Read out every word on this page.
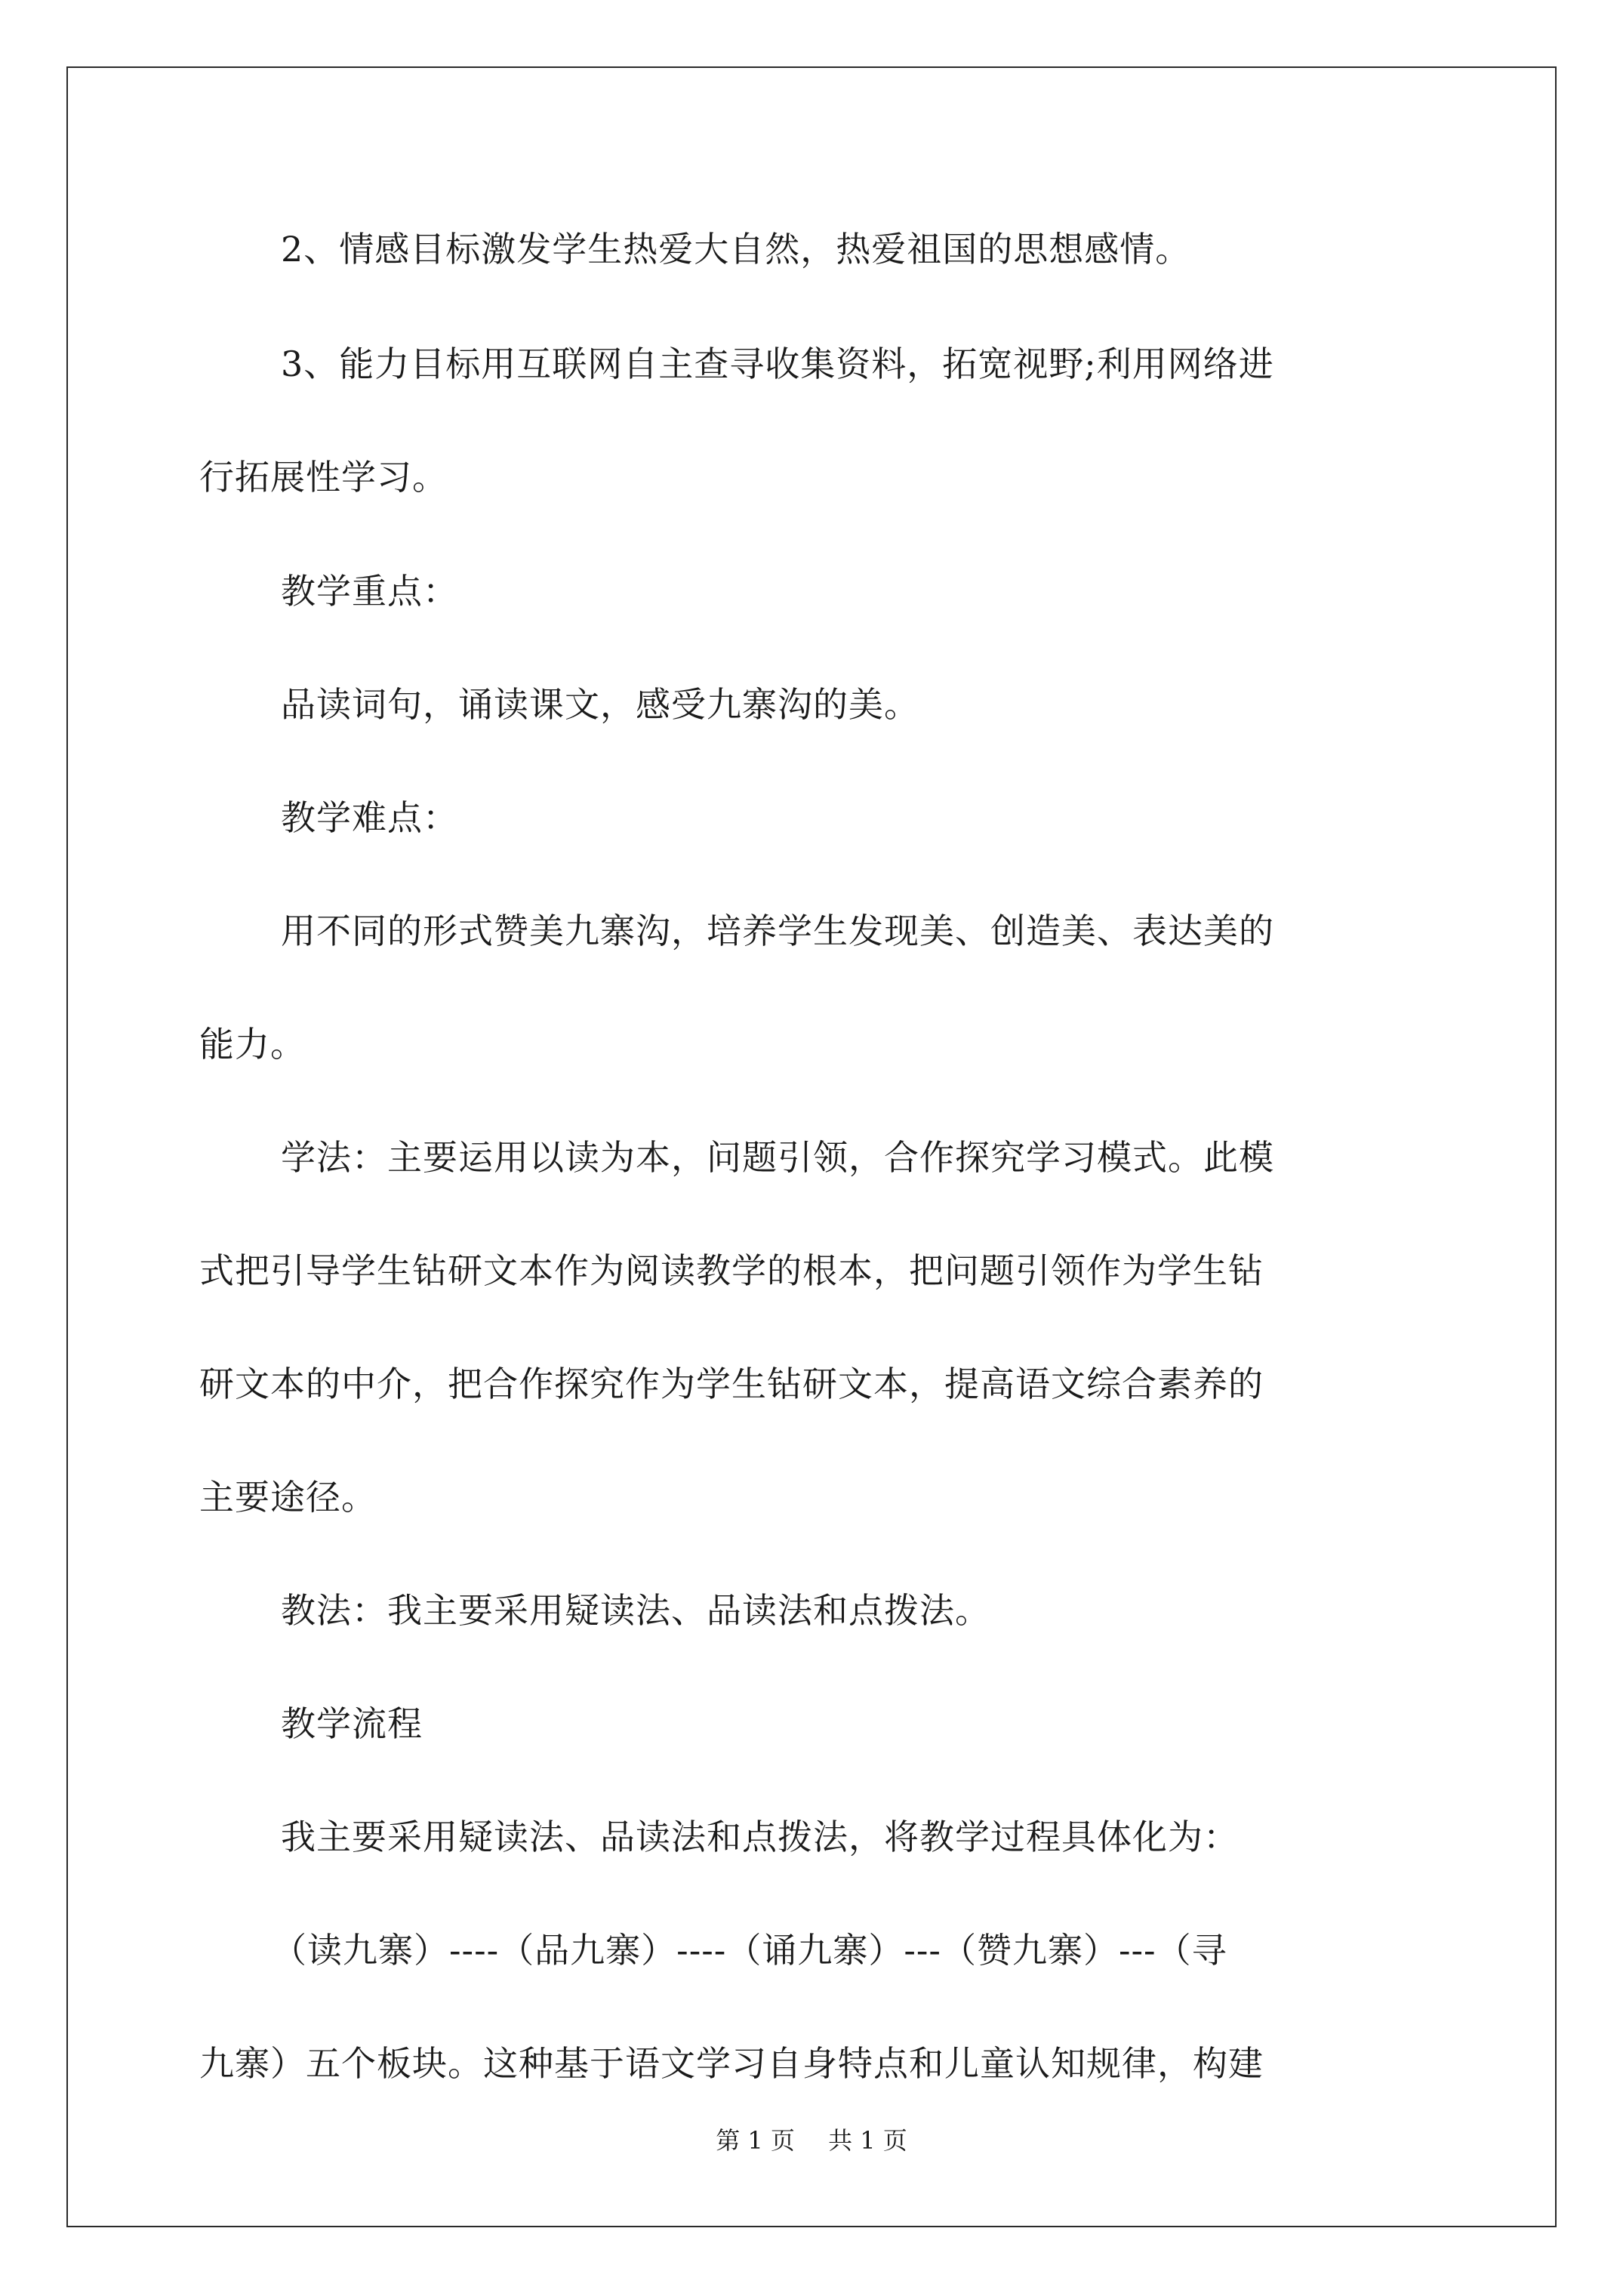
2、情感目标激发学生热爱大自然，热爱祖国的思想感情。
3、能力目标用互联网自主查寻收集资料，拓宽视野;利用网络进
行拓展性学习。
教学重点：
品读词句，诵读课文，感受九寨沟的美。
教学难点：
用不同的形式赞美九寨沟，培养学生发现美、创造美、表达美的
能力。
学法：主要运用以读为本，问题引领，合作探究学习模式。此模
式把引导学生钻研文本作为阅读教学的根本，把问题引领作为学生钻
研文本的中介，把合作探究作为学生钻研文本，提高语文综合素养的
主要途径。
教法：我主要采用疑读法、品读法和点拨法。
教学流程
我主要采用疑读法、品读法和点拨法，将教学过程具体化为：
（读九寨）----（品九寨）----（诵九寨）---（赞九寨）---（寻
九寨）五个板块。这种基于语文学习自身特点和儿童认知规律，构建
第 1 页 共 1 页
